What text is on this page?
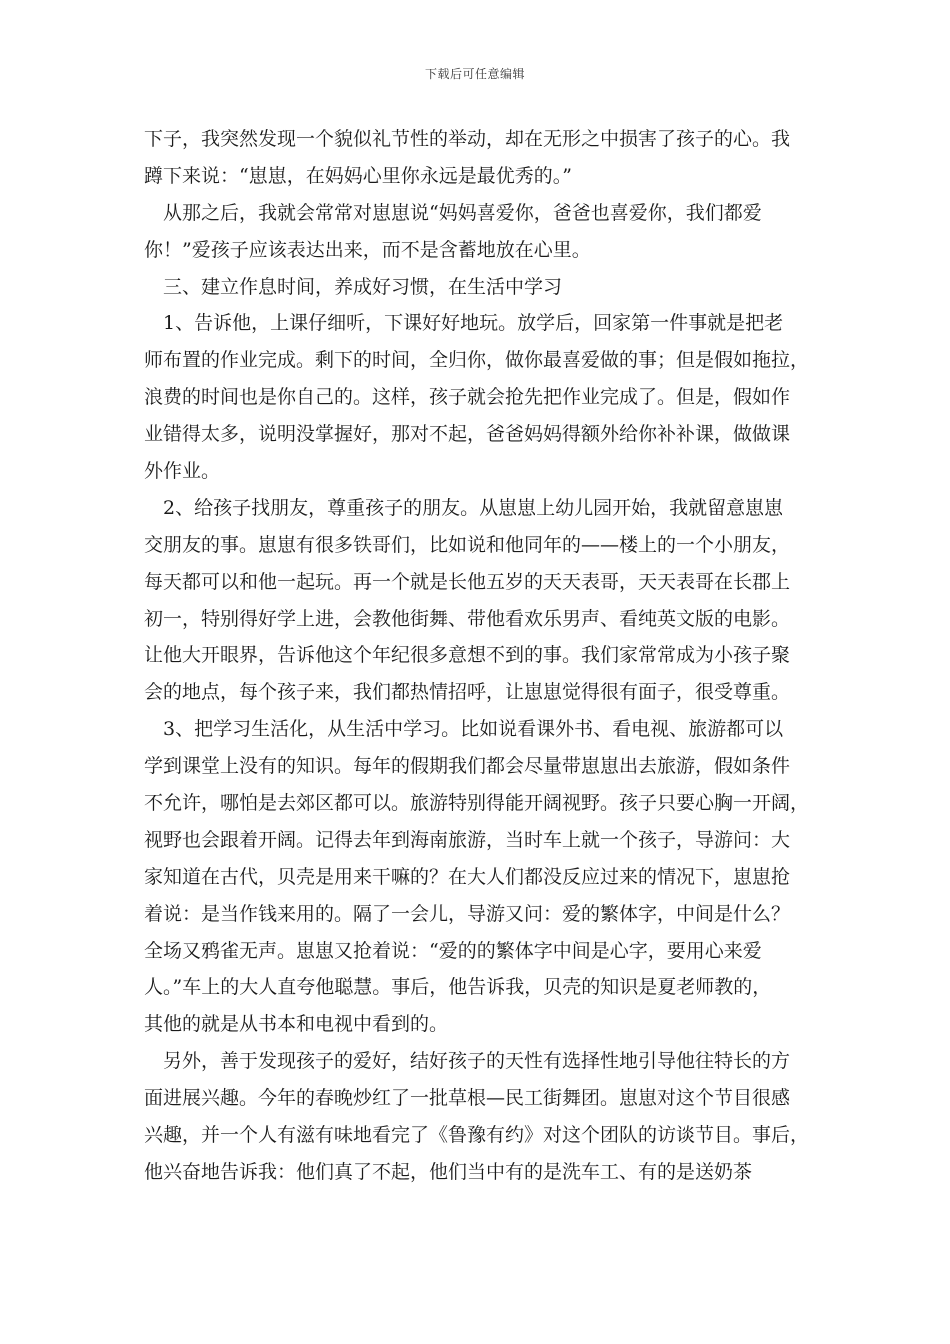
下载后可任意编辑
下子，我突然发现一个貌似礼节性的举动，却在无形之中损害了孩子的心。我
蹲下来说：“崽崽，在妈妈心里你永远是最优秀的。”
　从那之后，我就会常常对崽崽说“妈妈喜爱你，爸爸也喜爱你，我们都爱
你！”爱孩子应该表达出来，而不是含蓄地放在心里。
　三、建立作息时间，养成好习惯，在生活中学习
　1、告诉他，上课仔细听，下课好好地玩。放学后，回家第一件事就是把老
师布置的作业完成。剩下的时间，全归你，做你最喜爱做的事；但是假如拖拉，
浪费的时间也是你自己的。这样，孩子就会抢先把作业完成了。但是，假如作
业错得太多，说明没掌握好，那对不起，爸爸妈妈得额外给你补补课，做做课
外作业。
　2、给孩子找朋友，尊重孩子的朋友。从崽崽上幼儿园开始，我就留意崽崽
交朋友的事。崽崽有很多铁哥们，比如说和他同年的——楼上的一个小朋友，
每天都可以和他一起玩。再一个就是长他五岁的天天表哥，天天表哥在长郡上
初一，特别得好学上进，会教他街舞、带他看欢乐男声、看纯英文版的电影。
让他大开眼界，告诉他这个年纪很多意想不到的事。我们家常常成为小孩子聚
会的地点，每个孩子来，我们都热情招呼，让崽崽觉得很有面子，很受尊重。
　3、把学习生活化，从生活中学习。比如说看课外书、看电视、旅游都可以
学到课堂上没有的知识。每年的假期我们都会尽量带崽崽出去旅游，假如条件
不允许，哪怕是去郊区都可以。旅游特别得能开阔视野。孩子只要心胸一开阔，
视野也会跟着开阔。记得去年到海南旅游，当时车上就一个孩子，导游问：大
家知道在古代，贝壳是用来干嘛的？在大人们都没反应过来的情况下，崽崽抢
着说：是当作钱来用的。隔了一会儿，导游又问：爱的繁体字，中间是什么？
全场又鸦雀无声。崽崽又抢着说：“爱的的繁体字中间是心字，要用心来爱
人。”车上的大人直夸他聪慧。事后，他告诉我，贝壳的知识是夏老师教的，
其他的就是从书本和电视中看到的。
　另外，善于发现孩子的爱好，结好孩子的天性有选择性地引导他往特长的方
面进展兴趣。今年的春晚炒红了一批草根—民工街舞团。崽崽对这个节目很感
兴趣，并一个人有滋有味地看完了《鲁豫有约》对这个团队的访谈节目。事后，
他兴奋地告诉我：他们真了不起，他们当中有的是洗车工、有的是送奶茶
